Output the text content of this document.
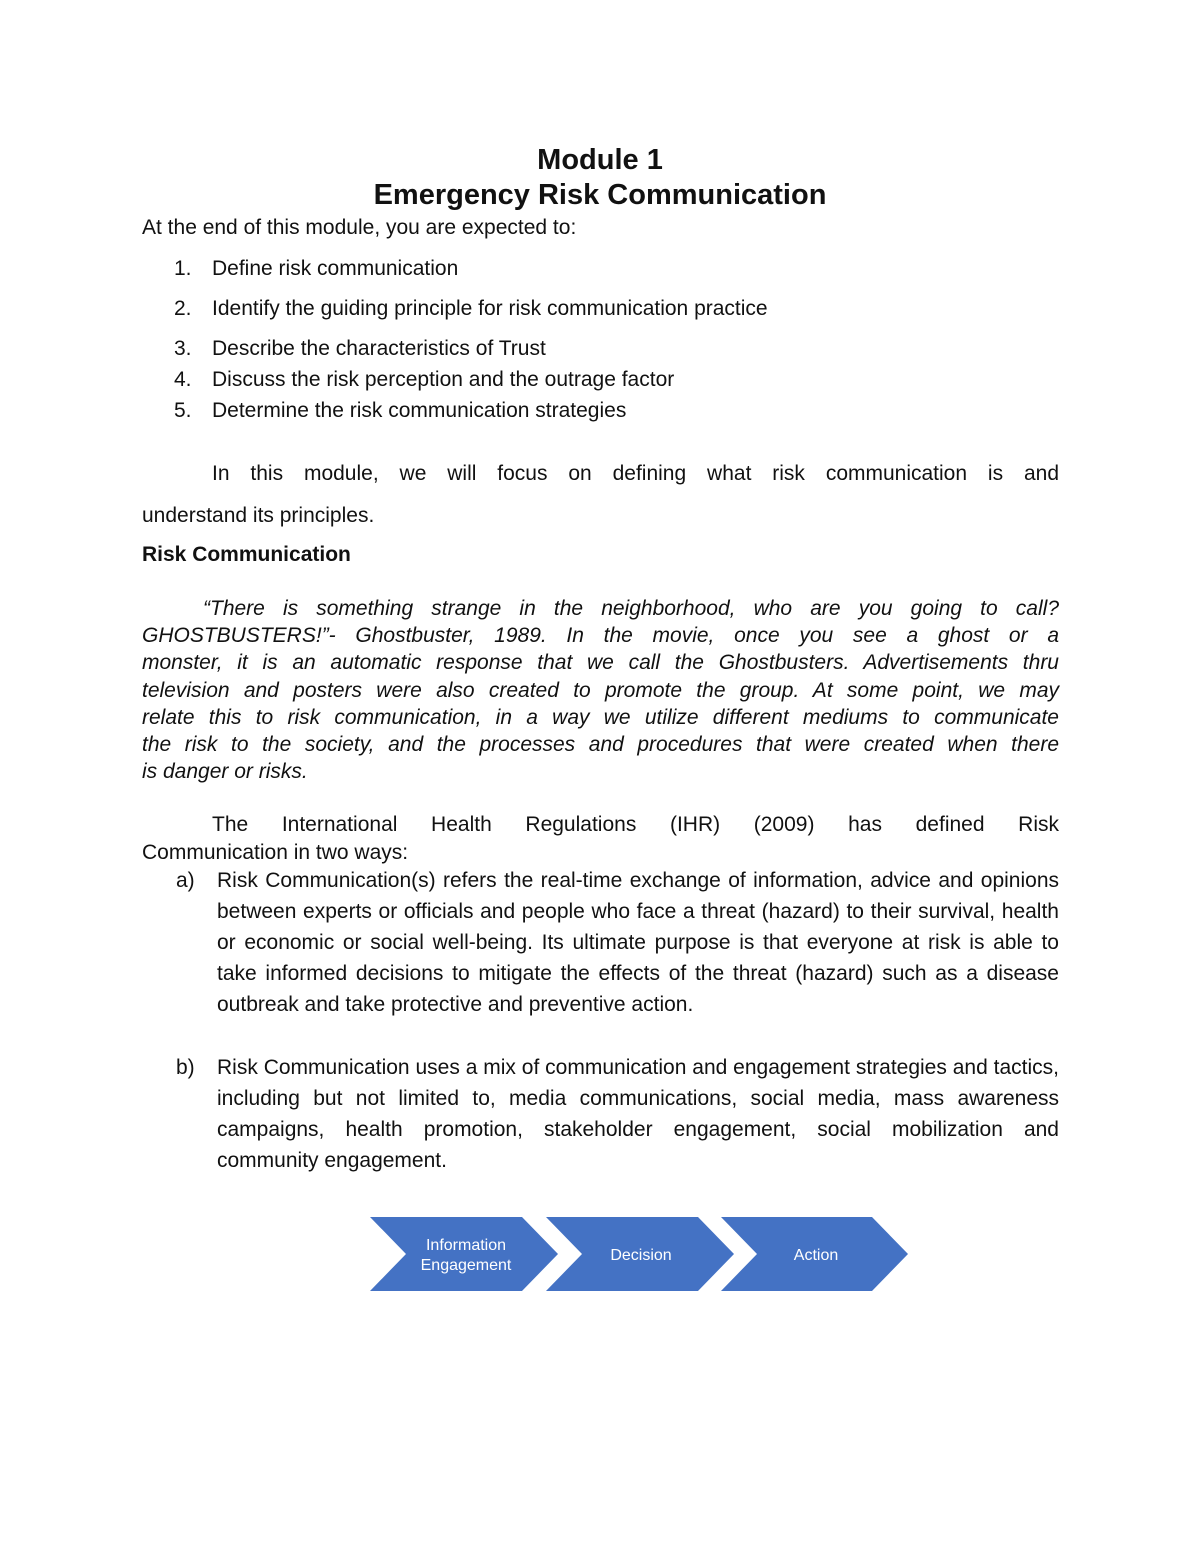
Module 1
Emergency Risk Communication
At the end of this module, you are expected to:
1. Define risk communication
2. Identify the guiding principle for risk communication practice
3. Describe the characteristics of Trust
4. Discuss the risk perception and the outrage factor
5. Determine the risk communication strategies
In this module, we will focus on defining what risk communication is and
understand its principles.
Risk Communication
“There is something strange in the neighborhood, who are you going to call?
GHOSTBUSTERS!”- Ghostbuster, 1989. In the movie, once you see a ghost or a
monster, it is an automatic response that we call the Ghostbusters. Advertisements thru
television and posters were also created to promote the group. At some point, we may
relate this to risk communication, in a way we utilize different mediums to communicate
the risk to the society, and the processes and procedures that were created when there
is danger or risks.
The International Health Regulations (IHR) (2009) has defined Risk
Communication in two ways:
a) Risk Communication(s) refers the real-time exchange of information, advice and opinions between experts or officials and people who face a threat (hazard) to their survival, health or economic or social well-being. Its ultimate purpose is that everyone at risk is able to take informed decisions to mitigate the effects of the threat (hazard) such as a disease outbreak and take protective and preventive action.
b) Risk Communication uses a mix of communication and engagement strategies and tactics, including but not limited to, media communications, social media, mass awareness campaigns, health promotion, stakeholder engagement, social mobilization and community engagement.
Information
Engagement
Decision	Action
